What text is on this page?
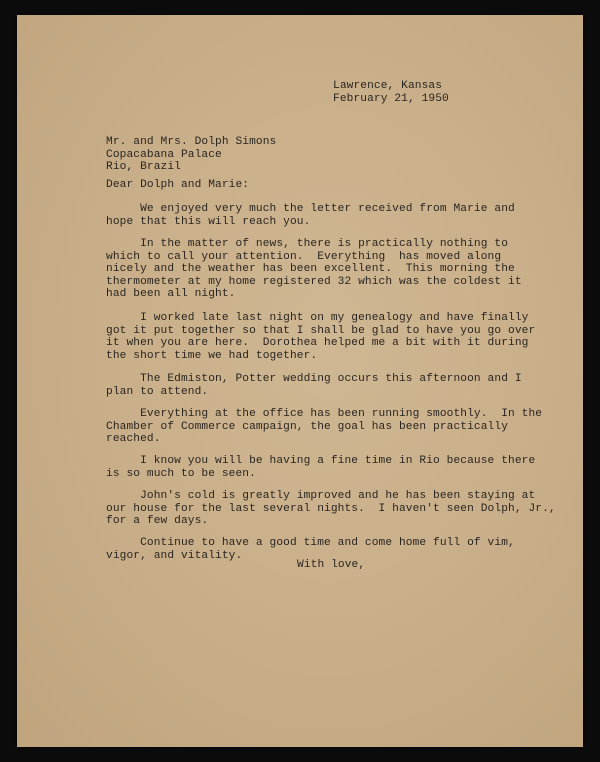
Lawrence, Kansas
February 21, 1950
Mr. and Mrs. Dolph Simons
Copacabana Palace
Rio, Brazil
Dear Dolph and Marie:
We enjoyed very much the letter received from Marie and
hope that this will reach you.
In the matter of news, there is practically nothing to
which to call your attention.  Everything  has moved along
nicely and the weather has been excellent.  This morning the
thermometer at my home registered 32 which was the coldest it
had been all night.
I worked late last night on my genealogy and have finally
got it put together so that I shall be glad to have you go over
it when you are here.  Dorothea helped me a bit with it during
the short time we had together.
The Edmiston, Potter wedding occurs this afternoon and I
plan to attend.
Everything at the office has been running smoothly.  In the
Chamber of Commerce campaign, the goal has been practically
reached.
I know you will be having a fine time in Rio because there
is so much to be seen.
John's cold is greatly improved and he has been staying at
our house for the last several nights.  I haven't seen Dolph, Jr.,
for a few days.
Continue to have a good time and come home full of vim,
vigor, and vitality.
With love,
